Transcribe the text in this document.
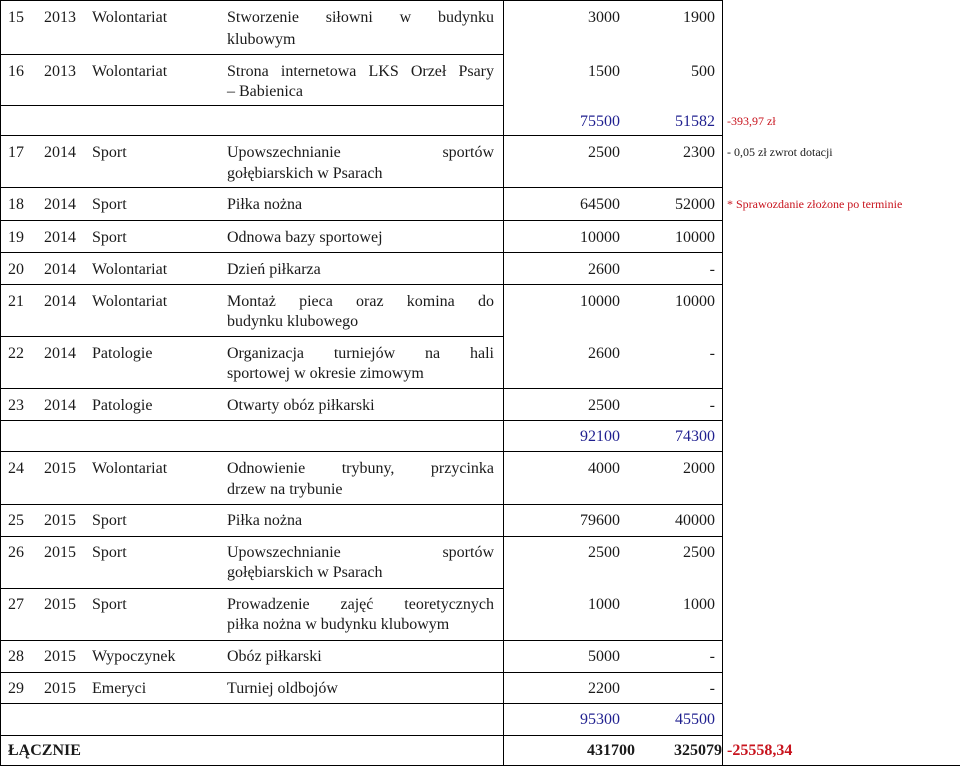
15 2013 Wolontariat	Stworzenie siłowni w budynku
klubowym
3000	1900
16 2013 Wolontariat	Strona internetowa LKS Orzeł Psary
– Babienica
1500	500
75500	51582 -393,97 zł
17 2014 Sport	Upowszechnianie sportów
gołębiarskich w Psarach
2500	2300 - 0,05 zł zwrot dotacji
18 2014 Sport	Piłka nożna	64500	52000 * Sprawozdanie złożone po terminie
19 2014 Sport	Odnowa bazy sportowej	10000	10000
20 2014 Wolontariat	Dzień piłkarza	2600	-
21 2014 Wolontariat	Montaż pieca oraz komina do
budynku klubowego
10000	10000
22 2014 Patologie	Organizacja turniejów na hali
sportowej w okresie zimowym
2600	-
23 2014 Patologie	Otwarty obóz piłkarski	2500	-
92100	74300
24 2015 Wolontariat	Odnowienie trybuny, przycinka
drzew na trybunie
4000	2000
25 2015 Sport	Piłka nożna	79600	40000
26 2015 Sport	Upowszechnianie sportów
gołębiarskich w Psarach
2500	2500
27 2015 Sport	Prowadzenie zajęć teoretycznych
piłka nożna w budynku klubowym
1000	1000
28 2015 Wypoczynek	Obóz piłkarski	5000	-
29 2015 Emeryci	Turniej oldbojów	2200	-
95300	45500
ŁĄCZNIE	431700	325079 -25558,34
